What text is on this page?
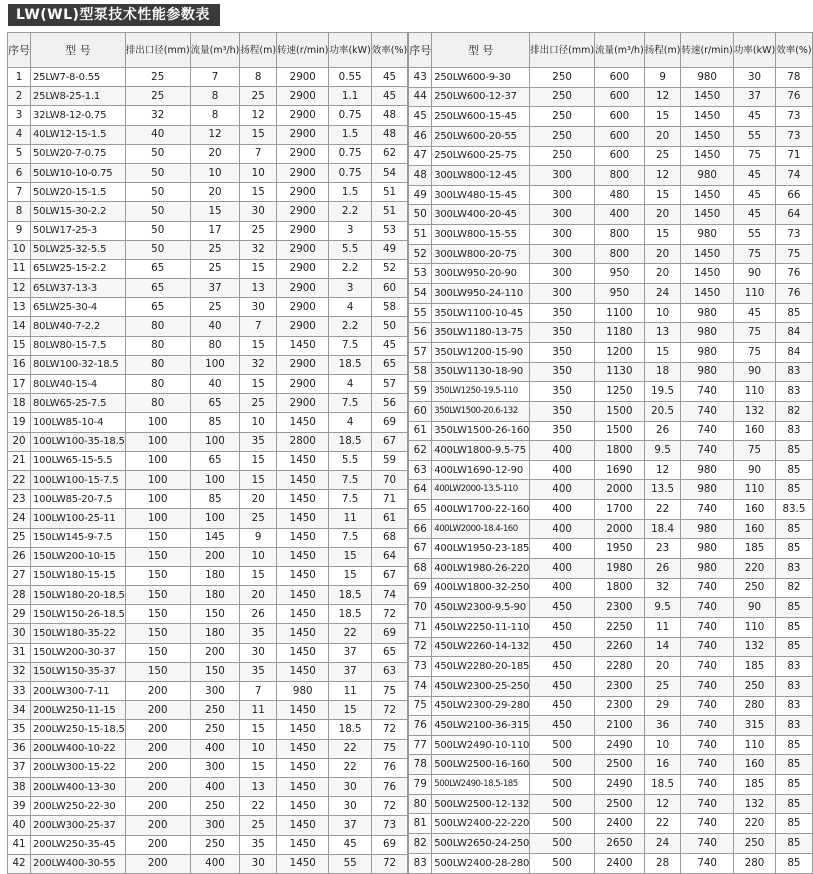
LW(WL)型泵技术性能参数表
序号	型 号	排出口径(mm)	流量(m³/h)	扬程(m)	转速(r/min)	功率(kW)	效率(%)
1	25LW7-8-0.55	25	7	8	2900	0.55	45
2	25LW8-25-1.1	25	8	25	2900	1.1	45
3	32LW8-12-0.75	32	8	12	2900	0.75	48
4	40LW12-15-1.5	40	12	15	2900	1.5	48
5	50LW20-7-0.75	50	20	7	2900	0.75	62
6	50LW10-10-0.75	50	10	10	2900	0.75	54
7	50LW20-15-1.5	50	20	15	2900	1.5	51
8	50LW15-30-2.2	50	15	30	2900	2.2	51
9	50LW17-25-3	50	17	25	2900	3	53
10	50LW25-32-5.5	50	25	32	2900	5.5	49
11	65LW25-15-2.2	65	25	15	2900	2.2	52
12	65LW37-13-3	65	37	13	2900	3	60
13	65LW25-30-4	65	25	30	2900	4	58
14	80LW40-7-2.2	80	40	7	2900	2.2	50
15	80LW80-15-7.5	80	80	15	1450	7.5	45
16	80LW100-32-18.5	80	100	32	2900	18.5	65
17	80LW40-15-4	80	40	15	2900	4	57
18	80LW65-25-7.5	80	65	25	2900	7.5	56
19	100LW85-10-4	100	85	10	1450	4	69
20	100LW100-35-18.5	100	100	35	2800	18.5	67
21	100LW65-15-5.5	100	65	15	1450	5.5	59
22	100LW100-15-7.5	100	100	15	1450	7.5	70
23	100LW85-20-7.5	100	85	20	1450	7.5	71
24	100LW100-25-11	100	100	25	1450	11	61
25	150LW145-9-7.5	150	145	9	1450	7.5	68
26	150LW200-10-15	150	200	10	1450	15	64
27	150LW180-15-15	150	180	15	1450	15	67
28	150LW180-20-18.5	150	180	20	1450	18.5	74
29	150LW150-26-18.5	150	150	26	1450	18.5	72
30	150LW180-35-22	150	180	35	1450	22	69
31	150LW200-30-37	150	200	30	1450	37	65
32	150LW150-35-37	150	150	35	1450	37	63
33	200LW300-7-11	200	300	7	980	11	75
34	200LW250-11-15	200	250	11	1450	15	72
35	200LW250-15-18.5	200	250	15	1450	18.5	72
36	200LW400-10-22	200	400	10	1450	22	75
37	200LW300-15-22	200	300	15	1450	22	76
38	200LW400-13-30	200	400	13	1450	30	76
39	200LW250-22-30	200	250	22	1450	30	72
40	200LW300-25-37	200	300	25	1450	37	73
41	200LW250-35-45	200	250	35	1450	45	69
42	200LW400-30-55	200	400	30	1450	55	72
序号	型 号	排出口径(mm)	流量(m³/h)	扬程(m)	转速(r/min)	功率(kW)	效率(%)
43	250LW600-9-30	250	600	9	980	30	78
44	250LW600-12-37	250	600	12	1450	37	76
45	250LW600-15-45	250	600	15	1450	45	73
46	250LW600-20-55	250	600	20	1450	55	73
47	250LW600-25-75	250	600	25	1450	75	71
48	300LW800-12-45	300	800	12	980	45	74
49	300LW480-15-45	300	480	15	1450	45	66
50	300LW400-20-45	300	400	20	1450	45	64
51	300LW800-15-55	300	800	15	980	55	73
52	300LW800-20-75	300	800	20	1450	75	75
53	300LW950-20-90	300	950	20	1450	90	76
54	300LW950-24-110	300	950	24	1450	110	76
55	350LW1100-10-45	350	1100	10	980	45	85
56	350LW1180-13-75	350	1180	13	980	75	84
57	350LW1200-15-90	350	1200	15	980	75	84
58	350LW1130-18-90	350	1130	18	980	90	83
59	350LW1250-19.5-110	350	1250	19.5	740	110	83
60	350LW1500-20.6-132	350	1500	20.5	740	132	82
61	350LW1500-26-160	350	1500	26	740	160	83
62	400LW1800-9.5-75	400	1800	9.5	740	75	85
63	400LW1690-12-90	400	1690	12	980	90	85
64	400LW2000-13.5-110	400	2000	13.5	980	110	85
65	400LW1700-22-160	400	1700	22	740	160	83.5
66	400LW2000-18.4-160	400	2000	18.4	980	160	85
67	400LW1950-23-185	400	1950	23	980	185	85
68	400LW1980-26-220	400	1980	26	980	220	83
69	400LW1800-32-250	400	1800	32	740	250	82
70	450LW2300-9.5-90	450	2300	9.5	740	90	85
71	450LW2250-11-110	450	2250	11	740	110	85
72	450LW2260-14-132	450	2260	14	740	132	85
73	450LW2280-20-185	450	2280	20	740	185	83
74	450LW2300-25-250	450	2300	25	740	250	83
75	450LW2300-29-280	450	2300	29	740	280	83
76	450LW2100-36-315	450	2100	36	740	315	83
77	500LW2490-10-110	500	2490	10	740	110	85
78	500LW2500-16-160	500	2500	16	740	160	85
79	500LW2490-18.5-185	500	2490	18.5	740	185	85
80	500LW2500-12-132	500	2500	12	740	132	85
81	500LW2400-22-220	500	2400	22	740	220	85
82	500LW2650-24-250	500	2650	24	740	250	85
83	500LW2400-28-280	500	2400	28	740	280	85
